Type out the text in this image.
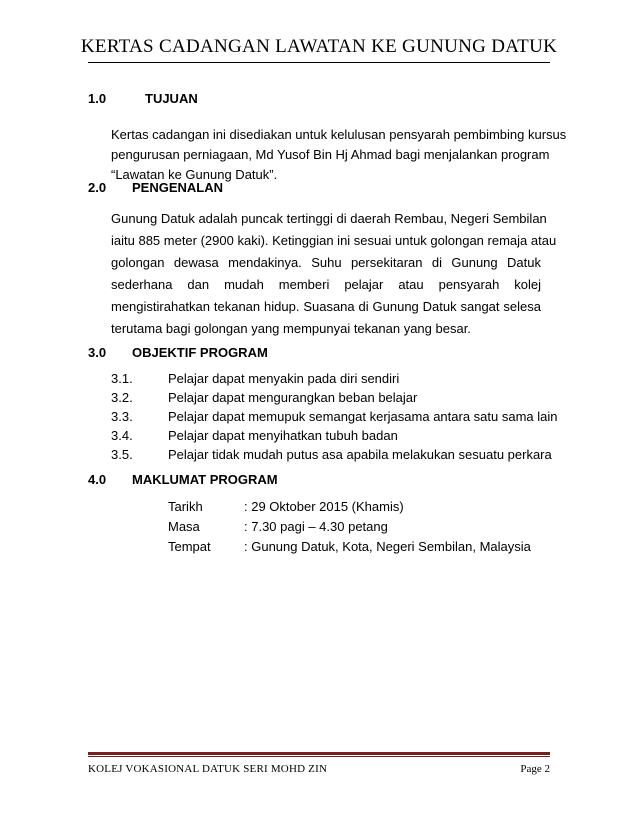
KERTAS CADANGAN LAWATAN KE GUNUNG DATUK
1.0	TUJUAN
Kertas cadangan ini disediakan untuk kelulusan pensyarah pembimbing kursus
pengurusan perniagaan, Md Yusof Bin Hj Ahmad bagi menjalankan program
“Lawatan ke Gunung Datuk”.
2.0 PENGENALAN
Gunung Datuk adalah puncak tertinggi di daerah Rembau, Negeri Sembilan
iaitu 885 meter (2900 kaki). Ketinggian ini sesuai untuk golongan remaja atau
golongan dewasa mendakinya. Suhu persekitaran di Gunung Datuk
sederhana dan mudah memberi pelajar atau pensyarah kolej
mengistirahatkan tekanan hidup. Suasana di Gunung Datuk sangat selesa
terutama bagi golongan yang mempunyai tekanan yang besar.
3.0 OBJEKTIF PROGRAM
3.1.	Pelajar dapat menyakin pada diri sendiri
3.2.	Pelajar dapat mengurangkan beban belajar
3.3.	Pelajar dapat memupuk semangat kerjasama antara satu sama lain
3.4.	Pelajar dapat menyihatkan tubuh badan
3.5.	Pelajar tidak mudah putus asa apabila melakukan sesuatu perkara
4.0 MAKLUMAT PROGRAM
Tarikh	: 29 Oktober 2015 (Khamis)
Masa	: 7.30 pagi – 4.30 petang
Tempat	: Gunung Datuk, Kota, Negeri Sembilan, Malaysia
KOLEJ VOKASIONAL DATUK SERI MOHD ZIN	Page 2
